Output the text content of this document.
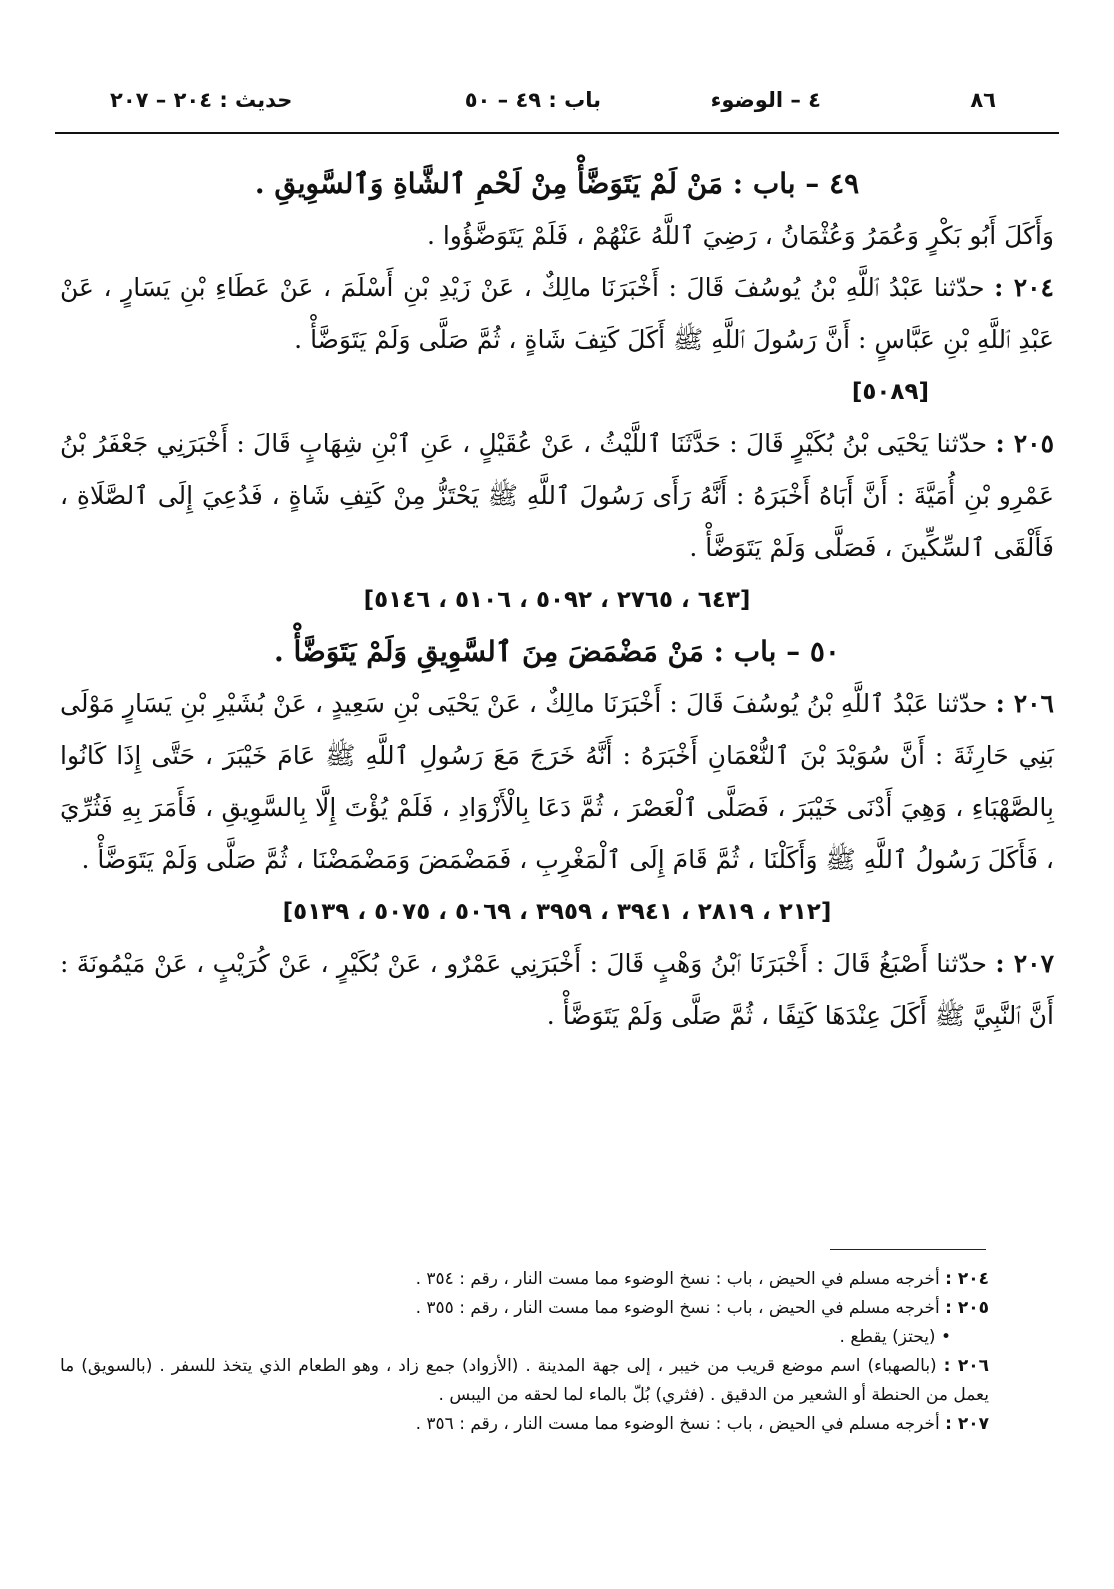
٨٦
٤ – الوضوء
باب : ٤٩ – ٥٠
حديث : ٢٠٤ – ٢٠٧

٤٩ – باب : مَنْ لَمْ يَتَوَضَّأْ مِنْ لَحْمِ ٱلشَّاةِ وَٱلسَّوِيقِ .

وَأَكَلَ أَبُو بَكْرٍ وَعُمَرُ وَعُثْمَانُ ، رَضِيَ ٱللَّهُ عَنْهُمْ ، فَلَمْ يَتَوَضَّؤُوا .

٢٠٤ : حدّثنا عَبْدُ ٱللَّهِ بْنُ يُوسُفَ قَالَ : أَخْبَرَنَا مالِكٌ ، عَنْ زَيْدِ بْنِ أَسْلَمَ ، عَنْ عَطَاءِ بْنِ يَسَارٍ ، عَنْ عَبْدِ ٱللَّهِ بْنِ عَبَّاسٍ : أَنَّ رَسُولَ ٱللَّهِ ﷺ أَكَلَ كَتِفَ شَاةٍ ، ثُمَّ صَلَّى وَلَمْ يَتَوَضَّأْ .

[٥٠٨٩]

٢٠٥ : حدّثنا يَحْيَى بْنُ بُكَيْرٍ قَالَ : حَدَّثَنَا ٱللَّيْثُ ، عَنْ عُقَيْلٍ ، عَنِ ٱبْنِ شِهَابٍ قَالَ : أَخْبَرَنِي جَعْفَرُ بْنُ عَمْرِو بْنِ أُمَيَّةَ : أَنَّ أَبَاهُ أَخْبَرَهُ : أَنَّهُ رَأَى رَسُولَ ٱللَّهِ ﷺ يَحْتَزُّ مِنْ كَتِفِ شَاةٍ ، فَدُعِيَ إِلَى ٱلصَّلَاةِ ، فَأَلْقَى ٱلسِّكِّينَ ، فَصَلَّى وَلَمْ يَتَوَضَّأْ .

[٦٤٣ ، ٢٧٦٥ ، ٥٠٩٢ ، ٥١٠٦ ، ٥١٤٦]

٥٠ – باب : مَنْ مَضْمَضَ مِنَ ٱلسَّوِيقِ وَلَمْ يَتَوَضَّأْ .

٢٠٦ : حدّثنا عَبْدُ ٱللَّهِ بْنُ يُوسُفَ قَالَ : أَخْبَرَنَا مالِكٌ ، عَنْ يَحْيَى بْنِ سَعِيدٍ ، عَنْ بُشَيْرِ بْنِ يَسَارٍ مَوْلَى بَنِي حَارِثَةَ : أَنَّ سُوَيْدَ بْنَ ٱلنُّعْمَانِ أَخْبَرَهُ : أَنَّهُ خَرَجَ مَعَ رَسُولِ ٱللَّهِ ﷺ عَامَ خَيْبَرَ ، حَتَّى إِذَا كَانُوا بِالصَّهْبَاءِ ، وَهِيَ أَدْنَى خَيْبَرَ ، فَصَلَّى ٱلْعَصْرَ ، ثُمَّ دَعَا بِالْأَزْوَادِ ، فَلَمْ يُؤْتَ إِلَّا بِالسَّوِيقِ ، فَأَمَرَ بِهِ فَثُرِّيَ ، فَأَكَلَ رَسُولُ ٱللَّهِ ﷺ وَأَكَلْنَا ، ثُمَّ قَامَ إِلَى ٱلْمَغْرِبِ ، فَمَضْمَضَ وَمَضْمَضْنَا ، ثُمَّ صَلَّى وَلَمْ يَتَوَضَّأْ .

[٢١٢ ، ٢٨١٩ ، ٣٩٤١ ، ٣٩٥٩ ، ٥٠٦٩ ، ٥٠٧٥ ، ٥١٣٩]

٢٠٧ : حدّثنا أَصْبَغُ قَالَ : أَخْبَرَنَا ٱبْنُ وَهْبٍ قَالَ : أَخْبَرَنِي عَمْرٌو ، عَنْ بُكَيْرٍ ، عَنْ كُرَيْبٍ ، عَنْ مَيْمُونَةَ : أَنَّ ٱلنَّبِيَّ ﷺ أَكَلَ عِنْدَهَا كَتِفًا ، ثُمَّ صَلَّى وَلَمْ يَتَوَضَّأْ .

٢٠٤ : أخرجه مسلم في الحيض ، باب : نسخ الوضوء مما مست النار ، رقم : ٣٥٤ .

٢٠٥ : أخرجه مسلم في الحيض ، باب : نسخ الوضوء مما مست النار ، رقم : ٣٥٥ .

• (يحتز) يقطع .

٢٠٦ : (بالصهباء) اسم موضع قريب من خيبر ، إلى جهة المدينة . (الأزواد) جمع زاد ، وهو الطعام الذي يتخذ للسفر . (بالسويق) ما يعمل من الحنطة أو الشعير من الدقيق . (فثري) بُلّ بالماء لما لحقه من اليبس .

٢٠٧ : أخرجه مسلم في الحيض ، باب : نسخ الوضوء مما مست النار ، رقم : ٣٥٦ .
